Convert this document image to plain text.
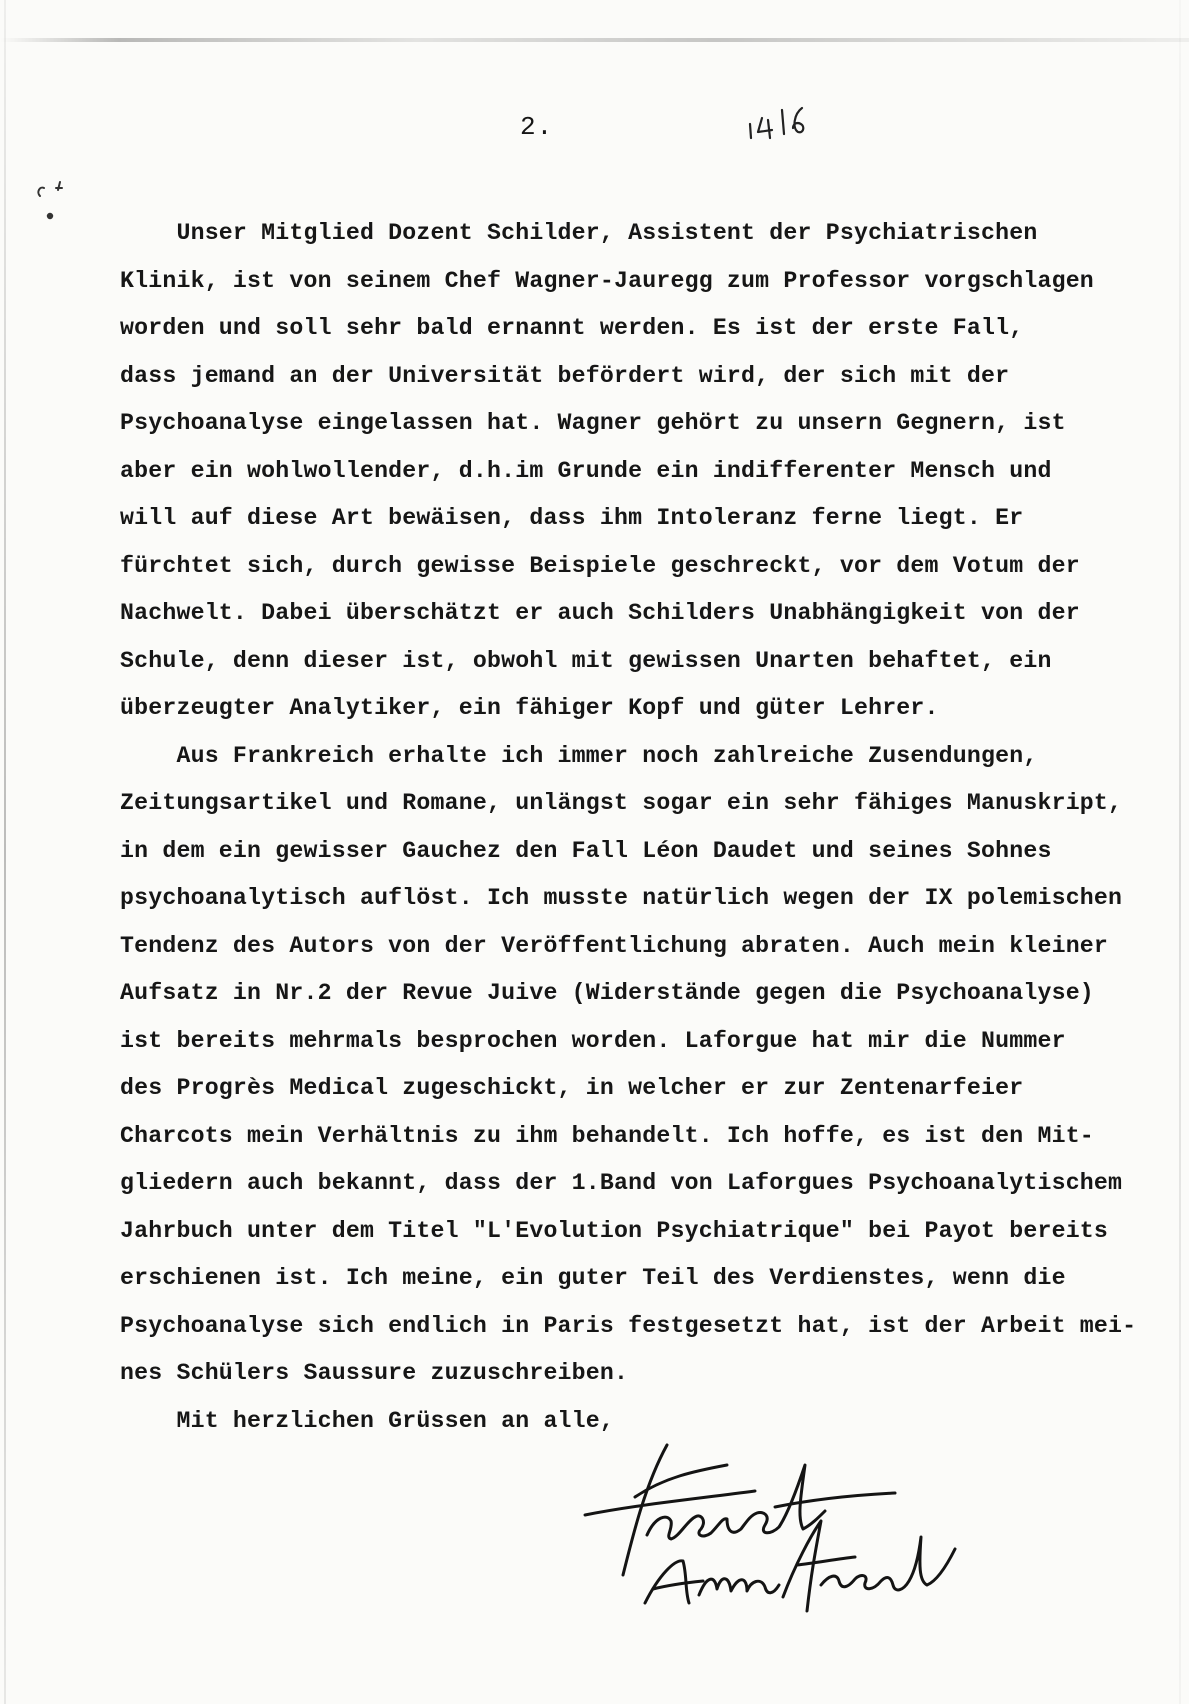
2.
Unser Mitglied Dozent Schilder, Assistent der Psychiatrischen
Klinik, ist von seinem Chef Wagner-Jauregg zum Professor vorgschlagen
worden und soll sehr bald ernannt werden. Es ist der erste Fall,
dass jemand an der Universität befördert wird, der sich mit der
Psychoanalyse eingelassen hat. Wagner gehört zu unsern Gegnern, ist
aber ein wohlwollender, d.h.im Grunde ein indifferenter Mensch und
will auf diese Art bewäisen, dass ihm Intoleranz ferne liegt. Er
fürchtet sich, durch gewisse Beispiele geschreckt, vor dem Votum der
Nachwelt. Dabei überschätzt er auch Schilders Unabhängigkeit von der
Schule, denn dieser ist, obwohl mit gewissen Unarten behaftet, ein
überzeugter Analytiker, ein fähiger Kopf und güter Lehrer.
Aus Frankreich erhalte ich immer noch zahlreiche Zusendungen,
Zeitungsartikel und Romane, unlängst sogar ein sehr fähiges Manuskript,
in dem ein gewisser Gauchez den Fall Léon Daudet und seines Sohnes
psychoanalytisch auflöst. Ich musste natürlich wegen der IX polemischen
Tendenz des Autors von der Veröffentlichung abraten. Auch mein kleiner
Aufsatz in Nr.2 der Revue Juive (Widerstände gegen die Psychoanalyse)
ist bereits mehrmals besprochen worden. Laforgue hat mir die Nummer
des Progrès Medical zugeschickt, in welcher er zur Zentenarfeier
Charcots mein Verhältnis zu ihm behandelt. Ich hoffe, es ist den Mit-
gliedern auch bekannt, dass der 1.Band von Laforgues Psychoanalytischem
Jahrbuch unter dem Titel "L'Evolution Psychiatrique" bei Payot bereits
erschienen ist. Ich meine, ein guter Teil des Verdienstes, wenn die
Psychoanalyse sich endlich in Paris festgesetzt hat, ist der Arbeit mei-
nes Schülers Saussure zuzuschreiben.
Mit herzlichen Grüssen an alle,
